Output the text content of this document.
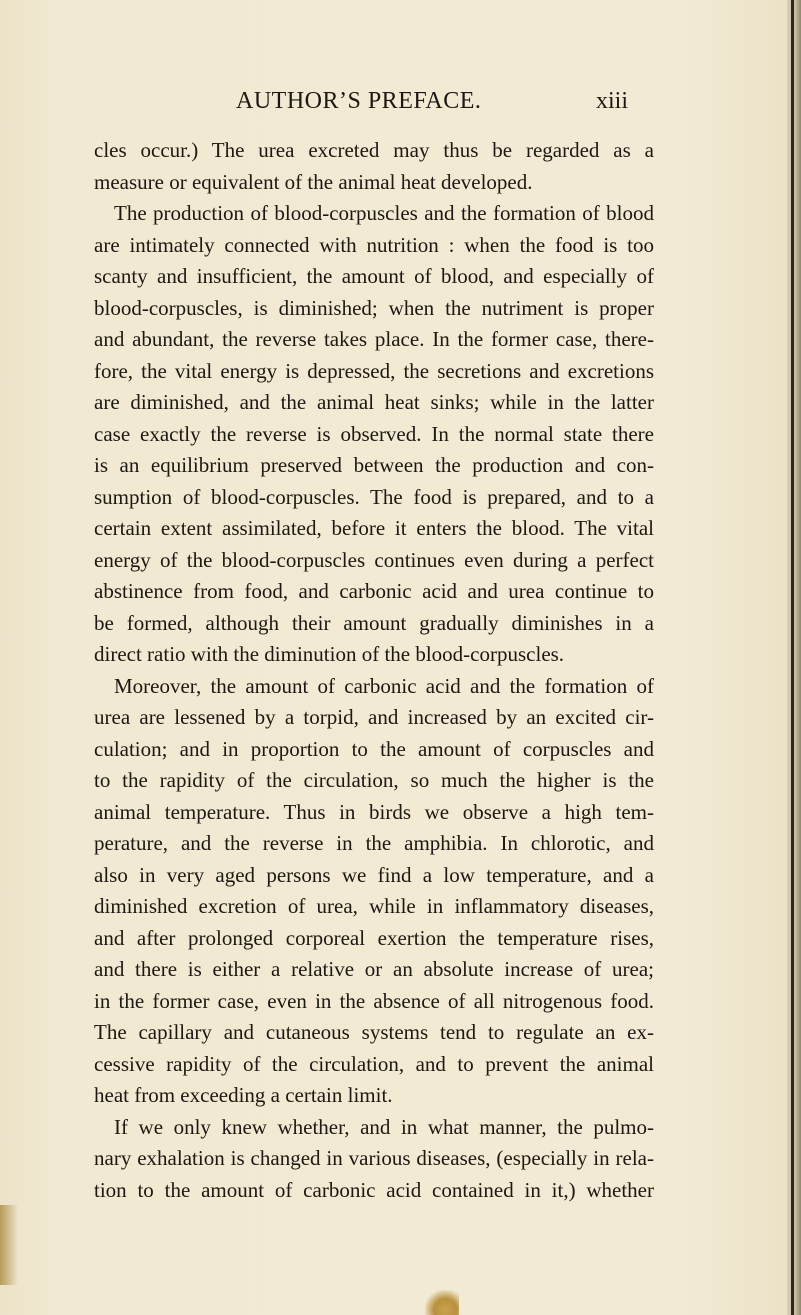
AUTHOR’S PREFACE.	xiii
cles occur.) The urea excreted may thus be regarded as a
measure or equivalent of the animal heat developed.
The production of blood-corpuscles and the formation of blood
are intimately connected with nutrition : when the food is too
scanty and insufficient, the amount of blood, and especially of
blood-corpuscles, is diminished; when the nutriment is proper
and abundant, the reverse takes place. In the former case, there-
fore, the vital energy is depressed, the secretions and excretions
are diminished, and the animal heat sinks; while in the latter
case exactly the reverse is observed. In the normal state there
is an equilibrium preserved between the production and con-
sumption of blood-corpuscles. The food is prepared, and to a
certain extent assimilated, before it enters the blood. The vital
energy of the blood-corpuscles continues even during a perfect
abstinence from food, and carbonic acid and urea continue to
be formed, although their amount gradually diminishes in a
direct ratio with the diminution of the blood-corpuscles.
Moreover, the amount of carbonic acid and the formation of
urea are lessened by a torpid, and increased by an excited cir-
culation; and in proportion to the amount of corpuscles and
to the rapidity of the circulation, so much the higher is the
animal temperature. Thus in birds we observe a high tem-
perature, and the reverse in the amphibia. In chlorotic, and
also in very aged persons we find a low temperature, and a
diminished excretion of urea, while in inflammatory diseases,
and after prolonged corporeal exertion the temperature rises,
and there is either a relative or an absolute increase of urea;
in the former case, even in the absence of all nitrogenous food.
The capillary and cutaneous systems tend to regulate an ex-
cessive rapidity of the circulation, and to prevent the animal
heat from exceeding a certain limit.
If we only knew whether, and in what manner, the pulmo-
nary exhalation is changed in various diseases, (especially in rela-
tion to the amount of carbonic acid contained in it,) whether
